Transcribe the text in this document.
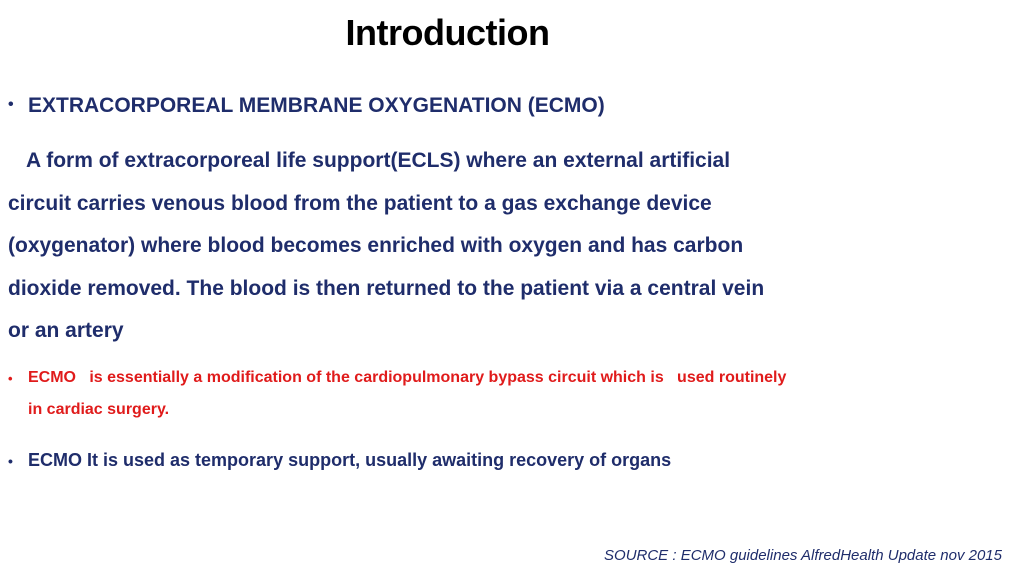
Introduction
• EXTRACORPOREAL MEMBRANE OXYGENATION (ECMO)
A form of extracorporeal life support(ECLS) where an external artificial
circuit carries venous blood from the patient to a gas exchange device
(oxygenator) where blood becomes enriched with oxygen and has carbon
dioxide removed. The blood is then returned to the patient via a central vein
or an artery
• ECMO   is essentially a modification of the cardiopulmonary bypass circuit which is   used routinely
in cardiac surgery.
• ECMO It is used as temporary support, usually awaiting recovery of organs
SOURCE : ECMO guidelines AlfredHealth Update nov 2015
